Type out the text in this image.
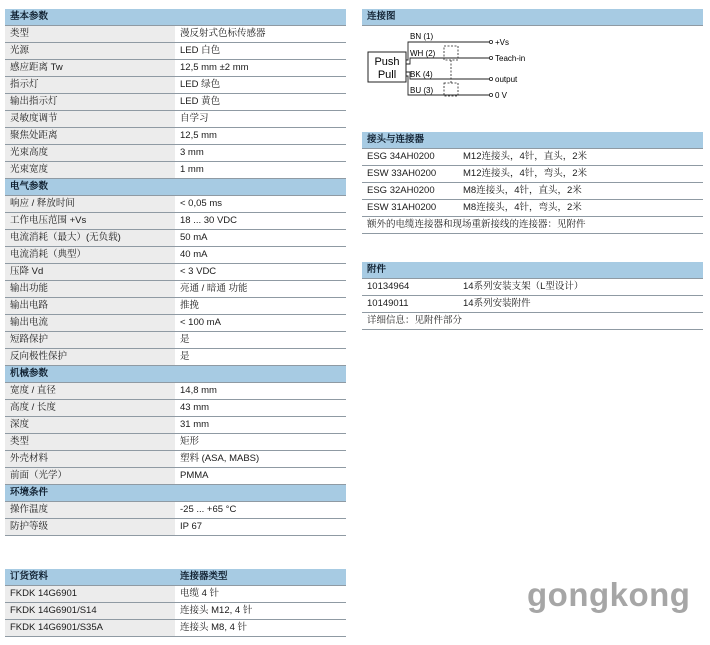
基本参数	
类型	漫反射式色标传感器
光源	LED 白色
感应距离 Tw	12,5 mm ±2 mm
指示灯	LED 绿色
输出指示灯	LED 黄色
灵敏度调节	自学习
聚焦处距离	12,5 mm
光束高度	3 mm
光束宽度	1 mm
电气参数	
响应 / 释放时间	< 0,05 ms
工作电压范围 +Vs	18 ... 30 VDC
电流消耗（最大）(无负载)	50 mA
电流消耗（典型）	40 mA
压降 Vd	< 3 VDC
输出功能	亮通 / 暗通 功能
输出电路	推挽
输出电流	< 100 mA
短路保护	是
反向极性保护	是
机械参数	
宽度 / 直径	14,8 mm
高度 / 长度	43 mm
深度	31 mm
类型	矩形
外壳材料	塑料 (ASA, MABS)
前面（光学）	PMMA
环境条件	
操作温度	-25 ... +65 °C
防护等级	IP 67
订货资料	连接器类型
FKDK 14G6901	电缆 4 针
FKDK 14G6901/S14	连接头 M12, 4 针
FKDK 14G6901/S35A	连接头 M8, 4 针
连接图
Push
Pull
BN (1)
WH (2)
BK (4)
BU (3)
+Vs
Teach-in
output
0 V
接头与连接器	
ESG 34AH0200	M12连接头，4针，直头，2米
ESW 33AH0200	M12连接头，4针，弯头，2米
ESG 32AH0200	M8连接头，4针，直头，2米
ESW 31AH0200	M8连接头，4针，弯头，2米
额外的电缆连接器和现场重新接线的连接器：见附件	
附件	
10134964	14系列安装支架（L型设计）
10149011	14系列安装附件
详细信息：见附件部分	
gongkong
